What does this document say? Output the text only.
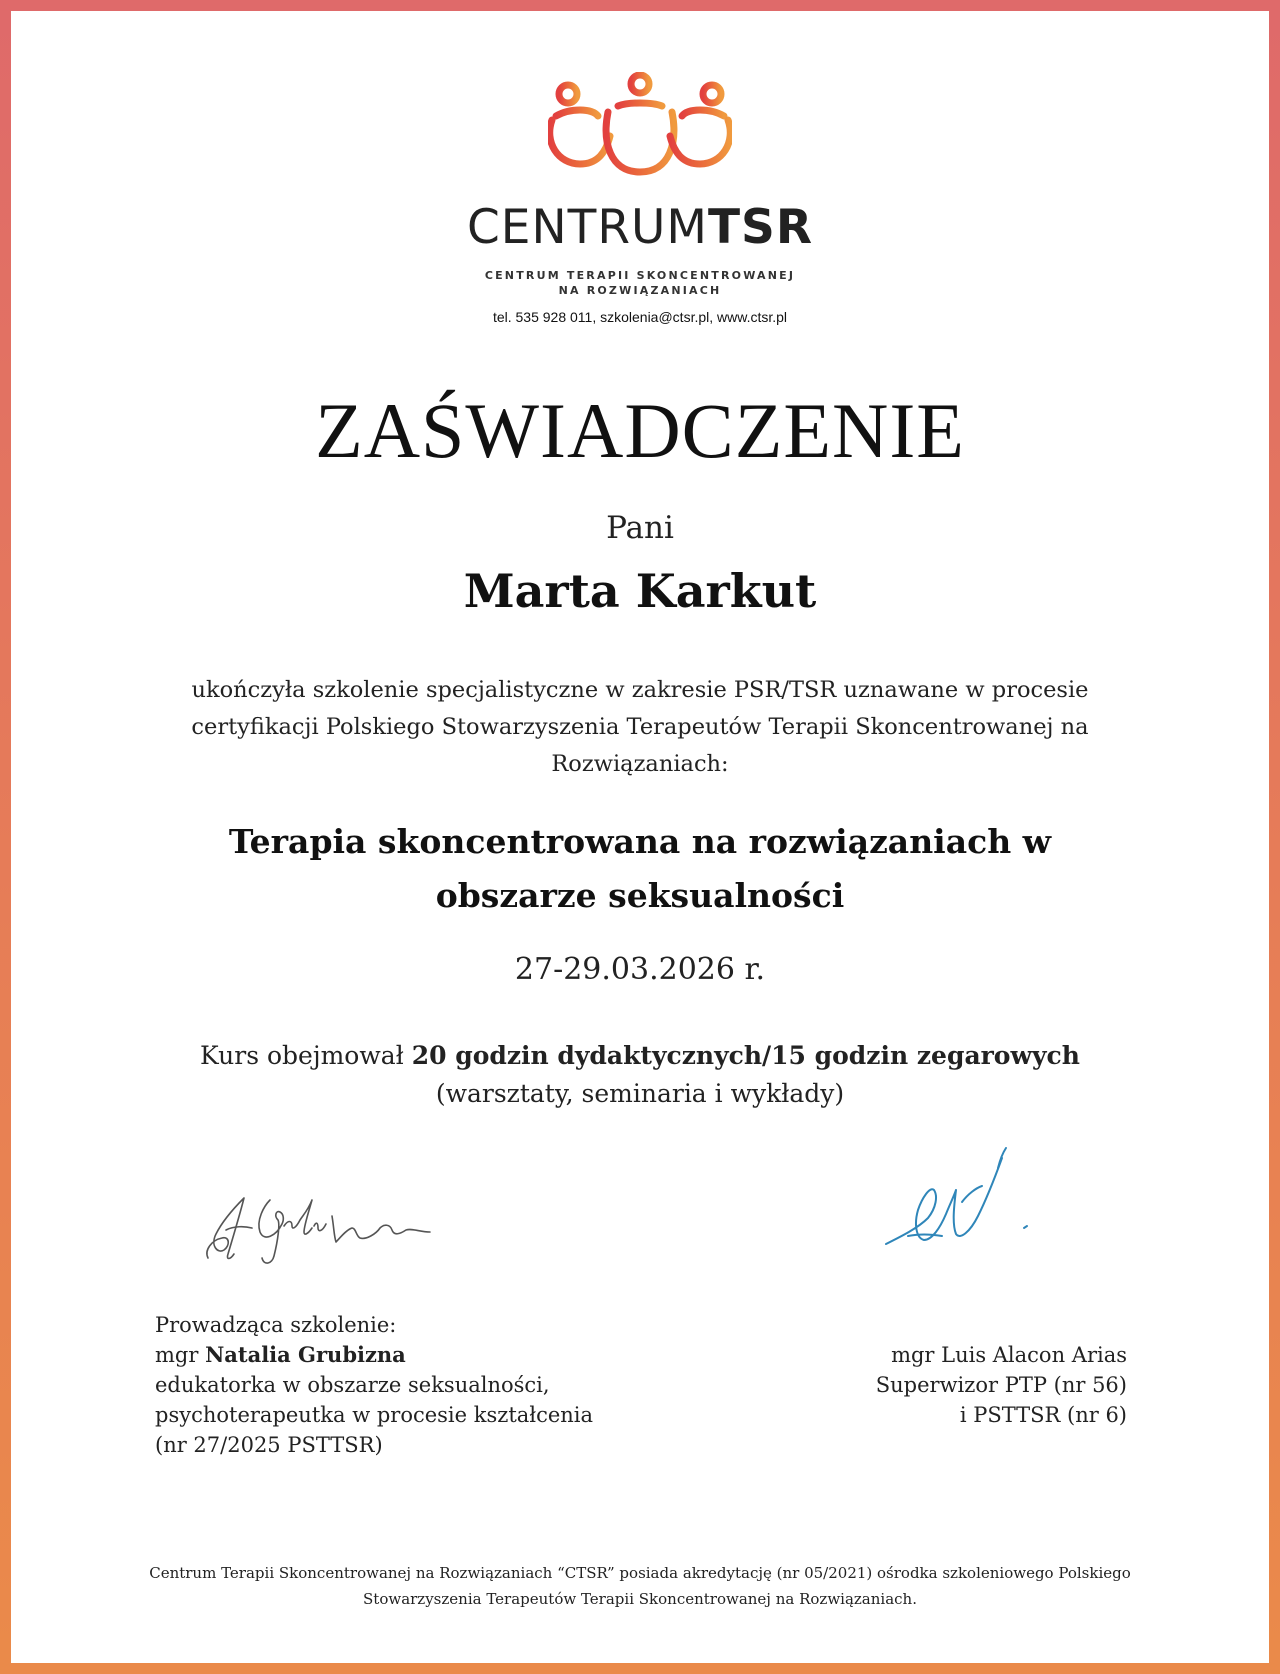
CENTRUMTSR
CENTRUM TERAPII SKONCENTROWANEJ
NA ROZWIĄZANIACH
tel. 535 928 011, szkolenia@ctsr.pl, www.ctsr.pl
ZAŚWIADCZENIE
Pani
Marta Karkut
ukończyła szkolenie specjalistyczne w zakresie PSR/TSR uznawane w procesie
certyfikacji Polskiego Stowarzyszenia Terapeutów Terapii Skoncentrowanej na
Rozwiązaniach:
Terapia skoncentrowana na rozwiązaniach w
obszarze seksualności
27-29.03.2026 r.
Kurs obejmował 20 godzin dydaktycznych/15 godzin zegarowych
(warsztaty, seminaria i wykłady)
Prowadząca szkolenie:
mgr Natalia Grubizna
edukatorka w obszarze seksualności,
psychoterapeutka w procesie kształcenia
(nr 27/2025 PSTTSR)
mgr Luis Alacon Arias
Superwizor PTP (nr 56)
i PSTTSR (nr 6)
Centrum Terapii Skoncentrowanej na Rozwiązaniach “CTSR” posiada akredytację (nr 05/2021) ośrodka szkoleniowego Polskiego
Stowarzyszenia Terapeutów Terapii Skoncentrowanej na Rozwiązaniach.
